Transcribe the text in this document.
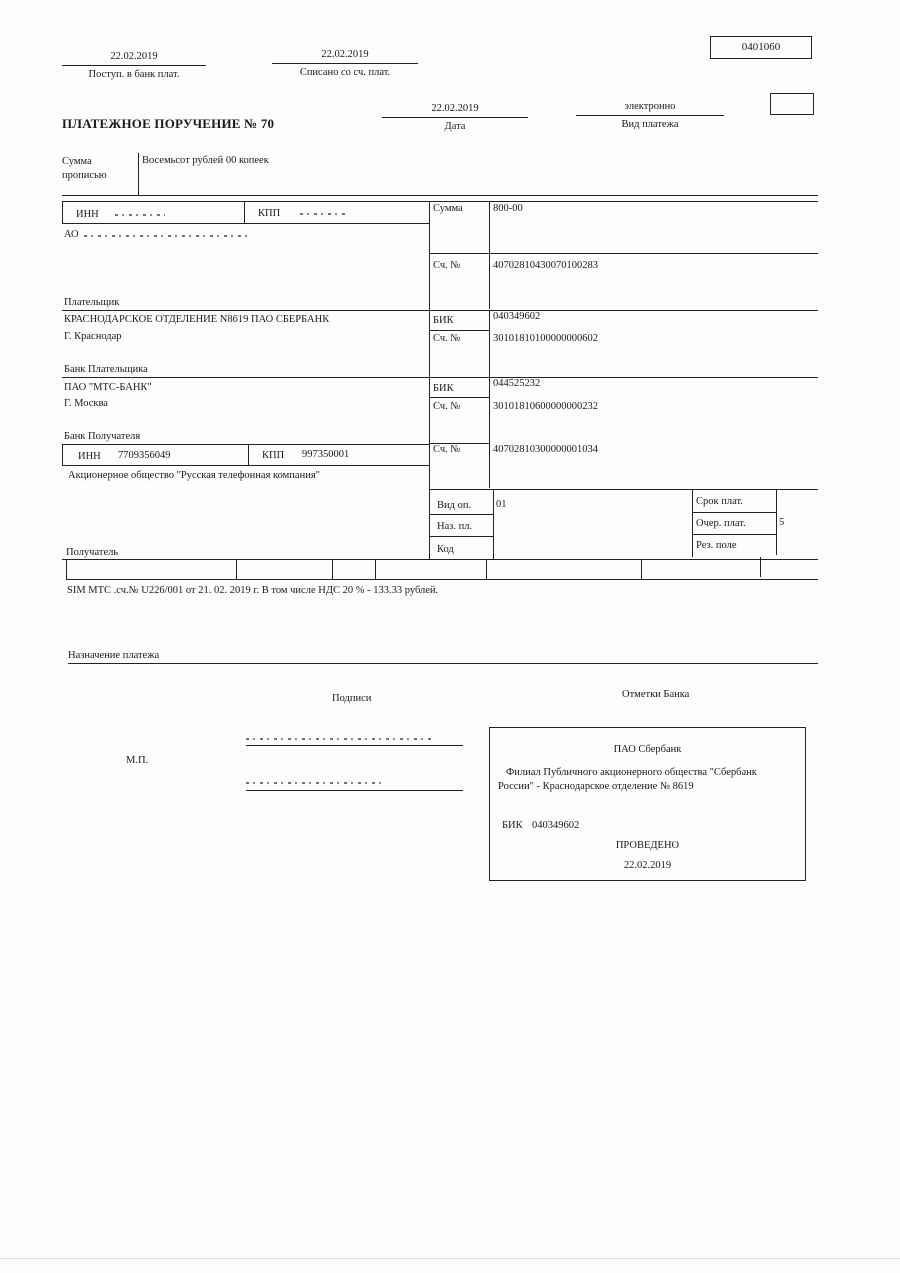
22.02.2019
Поступ. в банк плат.
22.02.2019
Списано со сч. плат.
0401060
ПЛАТЕЖНОЕ ПОРУЧЕНИЕ № 70
22.02.2019
Дата
электронно
Вид платежа
Сумма
прописью
Восемьсот рублей 00 копеек
ИНН	КПП
АО
Плательщик
Сумма	800-00
Сч. №	40702810430070100283
КРАСНОДАРСКОЕ ОТДЕЛЕНИЕ N8619 ПАО СБЕРБАНК
Г. Краснодар
Банк Плательщика
БИК	040349602
Сч. №	30101810100000000602
ПАО "МТС-БАНК"
Г. Москва
Банк Получателя
БИК	044525232
Сч. №	30101810600000000232
ИНН 7709356049	КПП 997350001
Акционерное общество "Русская телефонная компания"
Получатель
Сч. №	40702810300000001034
Вид оп. 01
Наз. пл.
Код
Срок плат.
Очер. плат.	5
Рез. поле
SIM МТС .сч.№ U226/001 от 21. 02. 2019 г. В том числе НДС 20 % - 133.33 рублей.
Назначение платежа
Подписи	Отметки Банка
М.П.
ПАО Сбербанк
Филиал Публичного акционерного общества "Сбербанк
России" - Краснодарское отделение № 8619
БИК 040349602
ПРОВЕДЕНО
22.02.2019
